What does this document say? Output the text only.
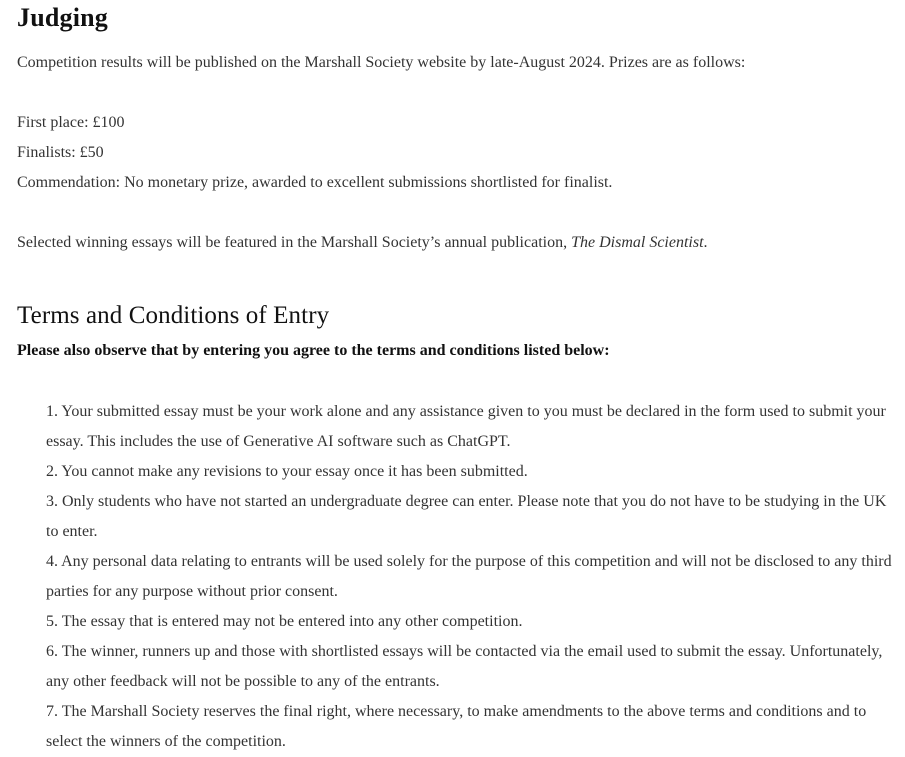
Judging

Competition results will be published on the Marshall Society website by late-August 2024. Prizes are as follows:

First place: £100

Finalists: £50

Commendation: No monetary prize, awarded to excellent submissions shortlisted for finalist.

Selected winning essays will be featured in the Marshall Society’s annual publication, The Dismal Scientist.

Terms and Conditions of Entry

Please also observe that by entering you agree to the terms and conditions listed below:

1. Your submitted essay must be your work alone and any assistance given to you must be declared in the form used to submit your essay. This includes the use of Generative AI software such as ChatGPT.
2. You cannot make any revisions to your essay once it has been submitted.
3. Only students who have not started an undergraduate degree can enter. Please note that you do not have to be studying in the UK to enter.
4. Any personal data relating to entrants will be used solely for the purpose of this competition and will not be disclosed to any third parties for any purpose without prior consent.
5. The essay that is entered may not be entered into any other competition.
6. The winner, runners up and those with shortlisted essays will be contacted via the email used to submit the essay. Unfortunately, any other feedback will not be possible to any of the entrants.
7. The Marshall Society reserves the final right, where necessary, to make amendments to the above terms and conditions and to select the winners of the competition.
